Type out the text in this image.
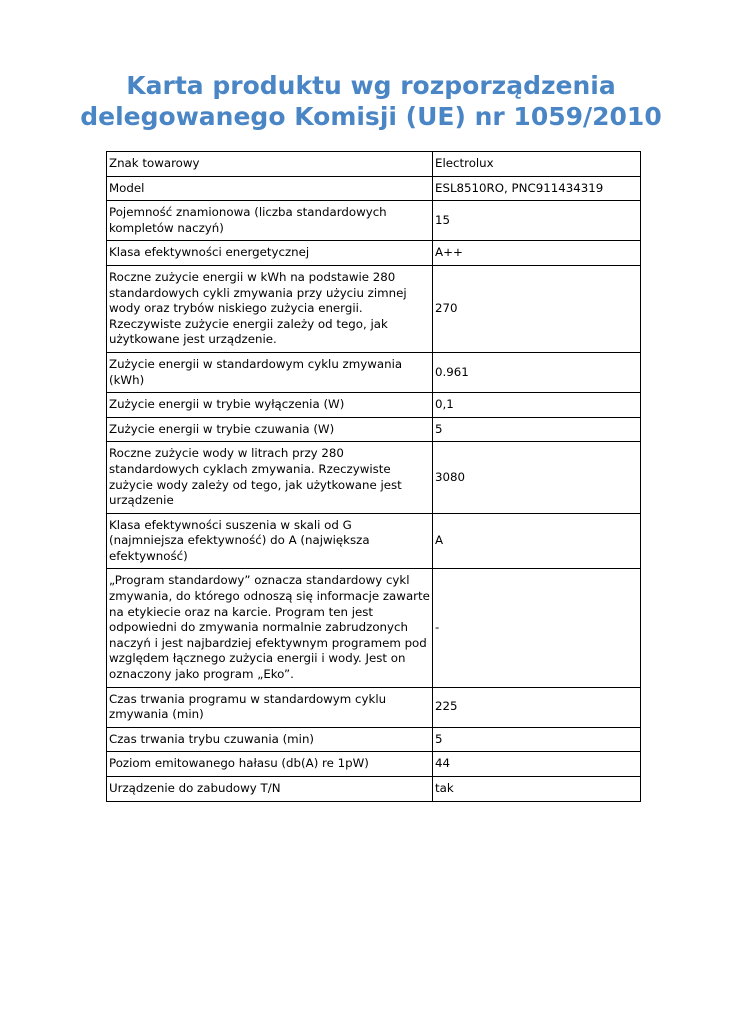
Karta produktu wg rozporządzenia
delegowanego Komisji (UE) nr 1059/2010
Znak towarowy	Electrolux
Model	ESL8510RO, PNC911434319
Pojemność znamionowa (liczba standardowych kompletów naczyń)	15
Klasa efektywności energetycznej	A++
Roczne zużycie energii w kWh na podstawie 280 standardowych cykli zmywania przy użyciu zimnej wody oraz trybów niskiego zużycia energii. Rzeczywiste zużycie energii zależy od tego, jak użytkowane jest urządzenie.	270
Zużycie energii w standardowym cyklu zmywania (kWh)	0.961
Zużycie energii w trybie wyłączenia (W)	0,1
Zużycie energii w trybie czuwania (W)	5
Roczne zużycie wody w litrach przy 280 standardowych cyklach zmywania. Rzeczywiste zużycie wody zależy od tego, jak użytkowane jest urządzenie	3080
Klasa efektywności suszenia w skali od G (najmniejsza efektywność) do A (największa efektywność)	A
„Program standardowy” oznacza standardowy cykl zmywania, do którego odnoszą się informacje zawarte na etykiecie oraz na karcie. Program ten jest odpowiedni do zmywania normalnie zabrudzonych naczyń i jest najbardziej efektywnym programem pod względem łącznego zużycia energii i wody. Jest on oznaczony jako program „Eko”.	-
Czas trwania programu w standardowym cyklu zmywania (min)	225
Czas trwania trybu czuwania (min)	5
Poziom emitowanego hałasu (db(A) re 1pW)	44
Urządzenie do zabudowy T/N	tak
